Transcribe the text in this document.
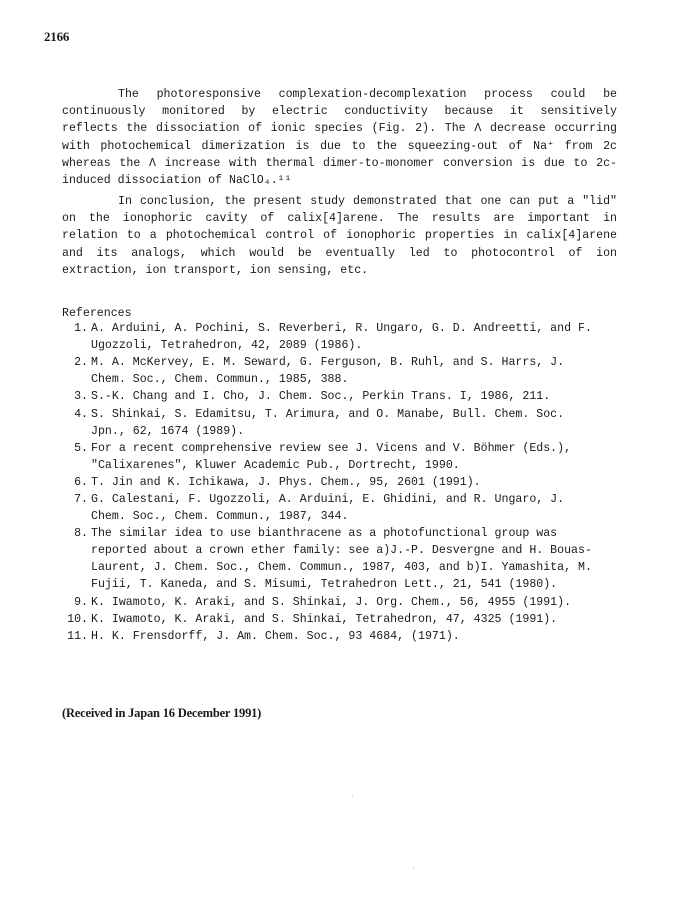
2166
The photoresponsive complexation-decomplexation process could be
continuously monitored by electric conductivity because it sensitively
reflects the dissociation of ionic species (Fig. 2). The Λ decrease occurring
with photochemical dimerization is due to the squeezing-out of Na⁺ from 2c
whereas the Λ increase with thermal dimer-to-monomer conversion is due to 2c-
induced dissociation of NaClO₄.¹¹
In conclusion, the present study demonstrated that one can put a "lid"
on the ionophoric cavity of calix[4]arene. The results are important in
relation to a photochemical control of ionophoric properties in calix[4]arene
and its analogs, which would be eventually led to photocontrol of ion
extraction, ion transport, ion sensing, etc.
References
1. A. Arduini, A. Pochini, S. Reverberi, R. Ungaro, G. D. Andreetti, and F.
Ugozzoli, Tetrahedron, 42, 2089 (1986).
2. M. A. McKervey, E. M. Seward, G. Ferguson, B. Ruhl, and S. Harrs, J.
Chem. Soc., Chem. Commun., 1985, 388.
3. S.-K. Chang and I. Cho, J. Chem. Soc., Perkin Trans. I, 1986, 211.
4. S. Shinkai, S. Edamitsu, T. Arimura, and O. Manabe, Bull. Chem. Soc.
Jpn., 62, 1674 (1989).
5. For a recent comprehensive review see J. Vicens and V. Böhmer (Eds.),
"Calixarenes", Kluwer Academic Pub., Dortrecht, 1990.
6. T. Jin and K. Ichikawa, J. Phys. Chem., 95, 2601 (1991).
7. G. Calestani, F. Ugozzoli, A. Arduini, E. Ghidini, and R. Ungaro, J.
Chem. Soc., Chem. Commun., 1987, 344.
8. The similar idea to use bianthracene as a photofunctional group was
reported about a crown ether family: see a)J.-P. Desvergne and H. Bouas-
Laurent, J. Chem. Soc., Chem. Commun., 1987, 403, and b)I. Yamashita, M.
Fujii, T. Kaneda, and S. Misumi, Tetrahedron Lett., 21, 541 (1980).
9. K. Iwamoto, K. Araki, and S. Shinkai, J. Org. Chem., 56, 4955 (1991).
10. K. Iwamoto, K. Araki, and S. Shinkai, Tetrahedron, 47, 4325 (1991).
11. H. K. Frensdorff, J. Am. Chem. Soc., 93 4684, (1971).
(Received in Japan 16 December 1991)
